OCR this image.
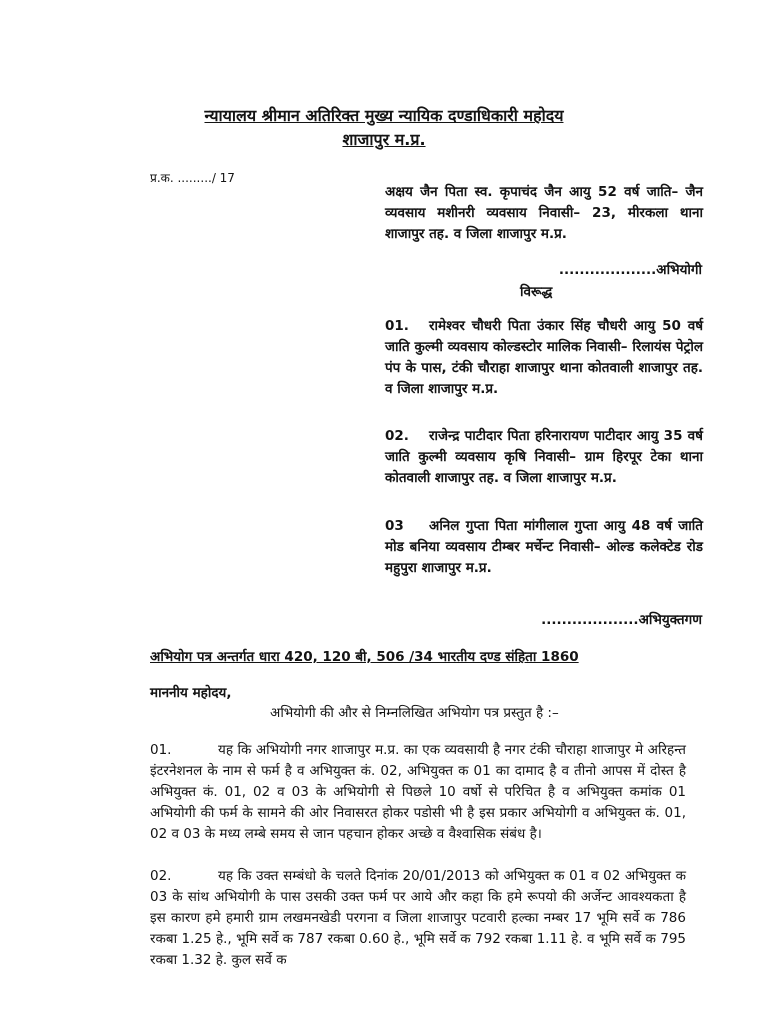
न्यायालय श्रीमान अतिरिक्त मुख्य न्यायिक दण्डाधिकारी महोदय
शाजापुर म.प्र.
प्र.क. ........./ 17

अक्षय जैन पिता स्व. कृपाचंद जैन आयु 52 वर्ष जाति– जैन व्यवसाय मशीनरी व्यवसाय निवासी– 23, मीरकला थाना शाजापुर तह. व जिला शाजापुर म.प्र.

...................अभियोगी
विरूद्ध

01. रामेश्वर चौधरी पिता उंकार सिंह चौधरी आयु 50 वर्ष जाति कुल्मी व्यवसाय कोल्डस्टोर मालिक निवासी– रिलायंस पेट्रोल पंप के पास, टंकी चौराहा शाजापुर थाना कोतवाली शाजापुर तह. व जिला शाजापुर म.प्र.

02. राजेन्द्र पाटीदार पिता हरिनारायण पाटीदार आयु 35 वर्ष जाति कुल्मी व्यवसाय कृषि निवासी– ग्राम हिरपूर टेका थाना कोतवाली शाजापुर तह. व जिला शाजापुर म.प्र.

03 अनिल गुप्ता पिता मांगीलाल गुप्ता आयु 48 वर्ष जाति मोड बनिया व्यवसाय टीम्बर मर्चेन्ट निवासी– ओल्ड कलेक्टेड रोड महुपुरा शाजापुर म.प्र.

...................अभियुक्तगण
अभियोग पत्र अन्तर्गत धारा 420, 120 बी, 506 /34 भारतीय दण्ड संहिता 1860
माननीय महोदय,
अभियोगी की और से निम्नलिखित अभियोग पत्र प्रस्तुत है :–

01.	यह कि अभियोगी नगर शाजापुर म.प्र. का एक व्यवसायी है नगर टंकी चौराहा शाजापुर मे अरिहन्त इंटरनेशनल के नाम से फर्म है व अभियुक्त कं. 02, अभियुक्त क 01 का दामाद है व तीनो आपस में दोस्त है अभियुक्त कं. 01, 02 व 03 के अभियोगी से पिछले 10 वर्षो से परिचित है व अभियुक्त कमांक 01 अभियोगी की फर्म के सामने की ओर निवासरत होकर पडोसी भी है इस प्रकार अभियोगी व अभियुक्त कं. 01, 02 व 03 के मध्य लम्बे समय से जान पहचान होकर अच्छे व वैश्वासिक संबंध है।

02.	यह कि उक्त सम्बंधो के चलते दिनांक 20/01/2013 को अभियुक्त क 01 व 02 अभियुक्त क 03 के सांथ अभियोगी के पास उसकी उक्त फर्म पर आये और कहा कि हमे रूपयो की अर्जेन्ट आवश्यकता है इस कारण हमे हमारी ग्राम लखमनखेडी परगना व जिला शाजापुर पटवारी हल्का नम्बर 17 भूमि सर्वे क 786 रकबा 1.25 हे., भूमि सर्वे क 787 रकबा 0.60 हे., भूमि सर्वे क 792 रकबा 1.11 हे. व भूमि सर्वे क 795 रकबा 1.32 हे. कुल सर्वे क
